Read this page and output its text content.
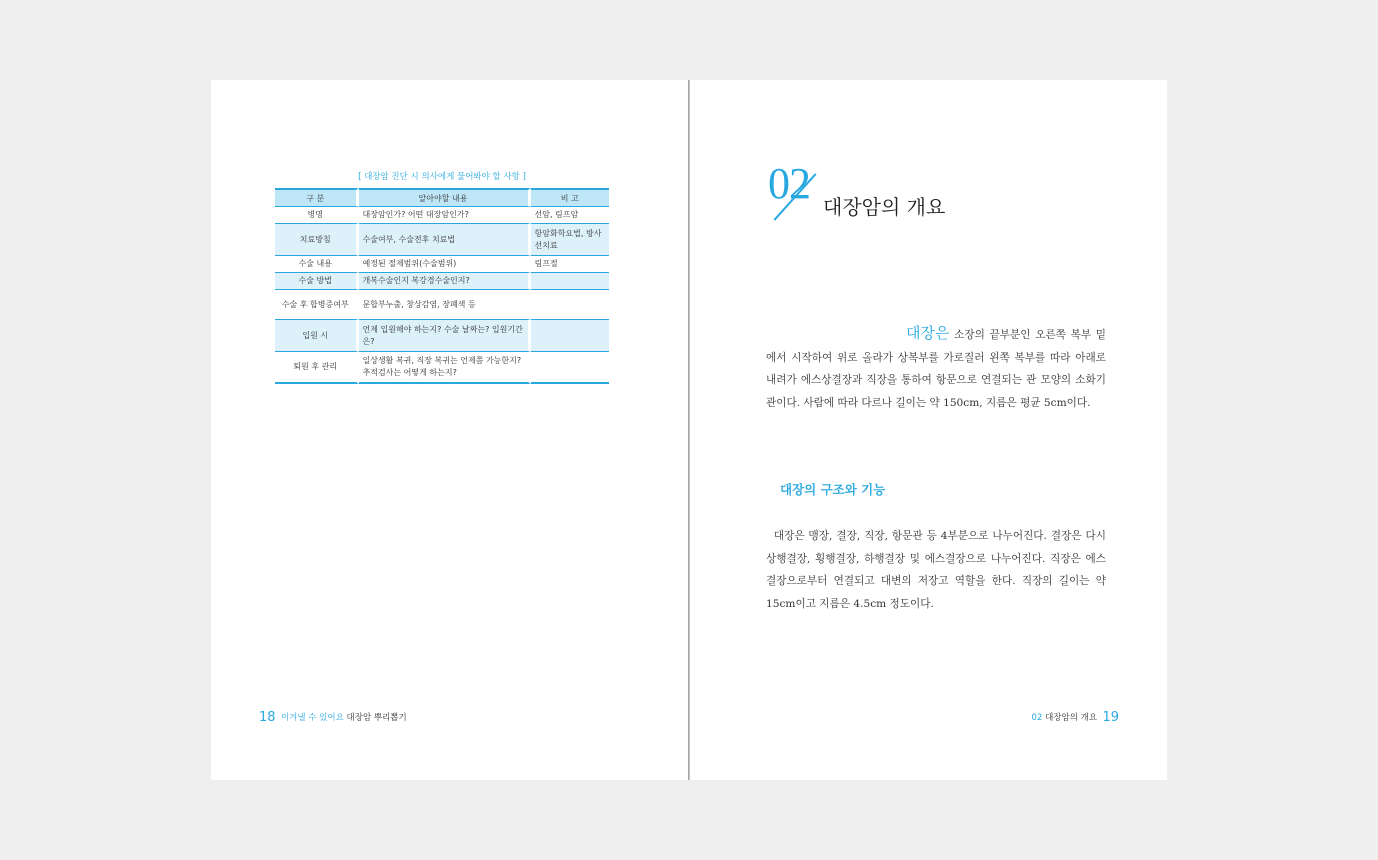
[ 대장암 진단 시 의사에게 물어봐야 할 사항 ]
구 분	알아야할 내용	비 고
병명	대장암인가? 어떤 대장암인가?	선암, 림프암
치료방침	수술여부, 수술전후 치료법	항암화학요법, 방사선치료
수술 내용	예정된 절제범위(수술범위)	림프절
수술 방법	개복수술인지 복강경수술인지?	
수술 후 합병증여부	문합부누출, 창상감염, 장폐색 등	
입원 시	언제 입원해야 하는지? 수술 날짜는? 입원기간은?	
퇴원 후 관리	일상생활 복귀, 직장 복귀는 언제쯤 가능한지? 추적검사는 어떻게 하는지?	
18 이겨낼 수 있어요 대장암 뿌리뽑기
02 대장암의 개요
대장은 소장의 끝부분인 오른쪽 복부 밑에서 시작하여 위로 올라가 상복부를 가로질러 왼쪽 복부를 따라 아래로 내려가 에스상결장과 직장을 통하여 항문으로 연결되는 관 모양의 소화기관이다. 사람에 따라 다르나 길이는 약 150cm, 지름은 평균 5cm이다.
대장의 구조와 기능
대장은 맹장, 결장, 직장, 항문관 등 4부분으로 나누어진다. 결장은 다시 상행결장, 횡행결장, 하행결장 및 에스결장으로 나누어진다. 직장은 에스결장으로부터 연결되고 대변의 저장고 역할을 한다. 직장의 길이는 약 15cm이고 지름은 4.5cm 정도이다.
02 대장암의 개요 19
